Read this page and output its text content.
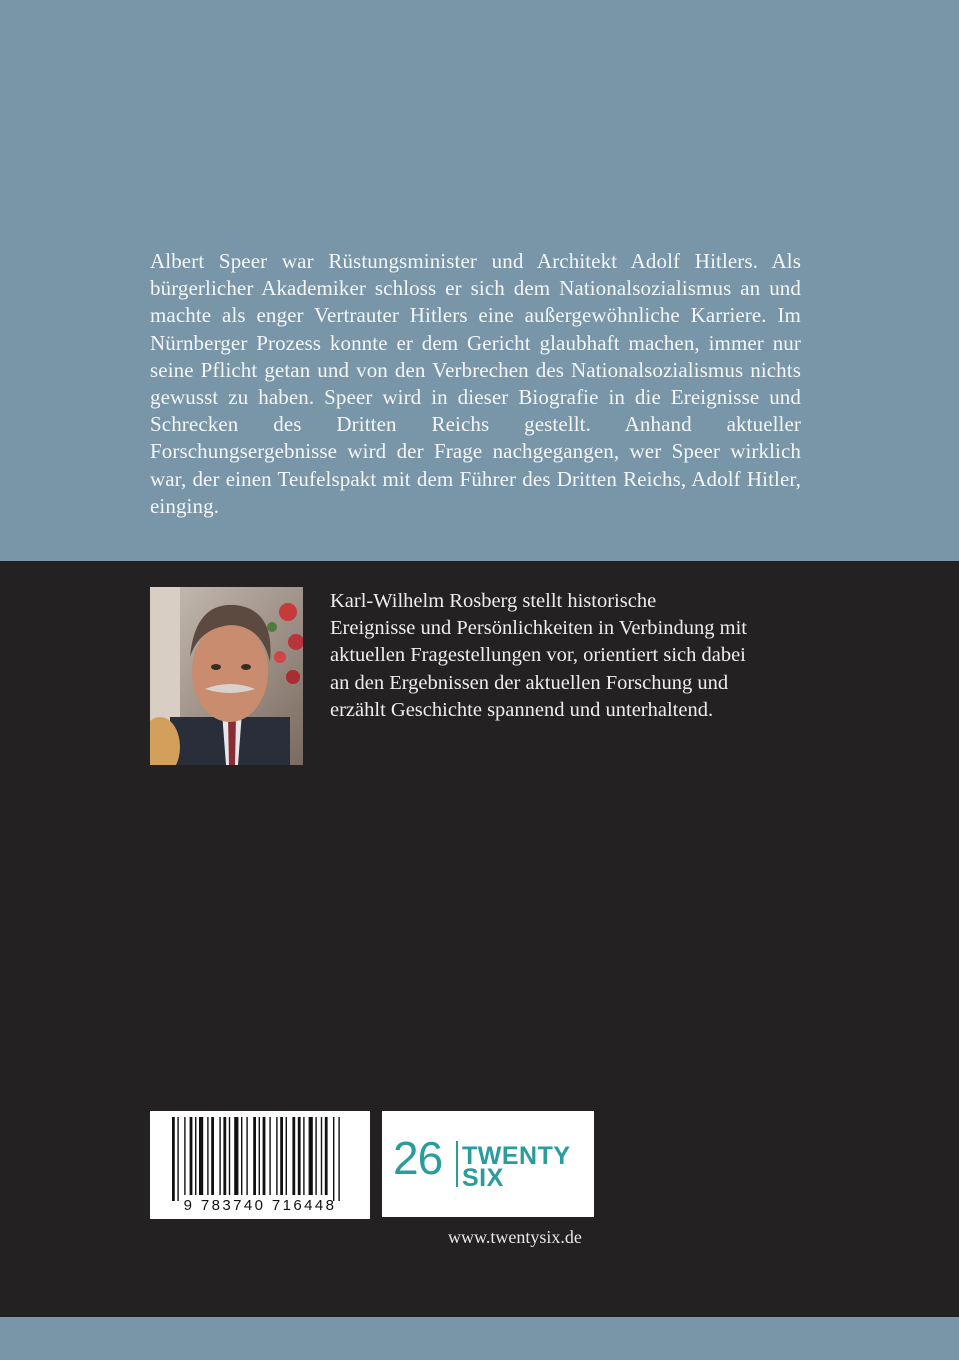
Albert Speer war Rüstungsminister und Architekt Adolf Hitlers. Als bürgerlicher Akademiker schloss er sich dem Nationalsozialismus an und machte als enger Vertrauter Hitlers eine außergewöhnliche Karriere. Im Nürnberger Prozess konnte er dem Gericht glaubhaft machen, immer nur seine Pflicht getan und von den Verbrechen des Nationalsozialismus nichts gewusst zu haben. Speer wird in dieser Biografie in die Ereignisse und Schrecken des Dritten Reichs gestellt. Anhand aktueller Forschungsergebnisse wird der Frage nachgegangen, wer Speer wirklich war, der einen Teufelspakt mit dem Führer des Dritten Reichs, Adolf Hitler, einging.

Karl-Wilhelm Rosberg stellt historische
Ereignisse und Persönlichkeiten in Verbindung mit
aktuellen Fragestellungen vor, orientiert sich dabei
an den Ergebnissen der aktuellen Forschung und
erzählt Geschichte spannend und unterhaltend.
9 783740 716448
26 TWENTY
SIX
www.twentysix.de
